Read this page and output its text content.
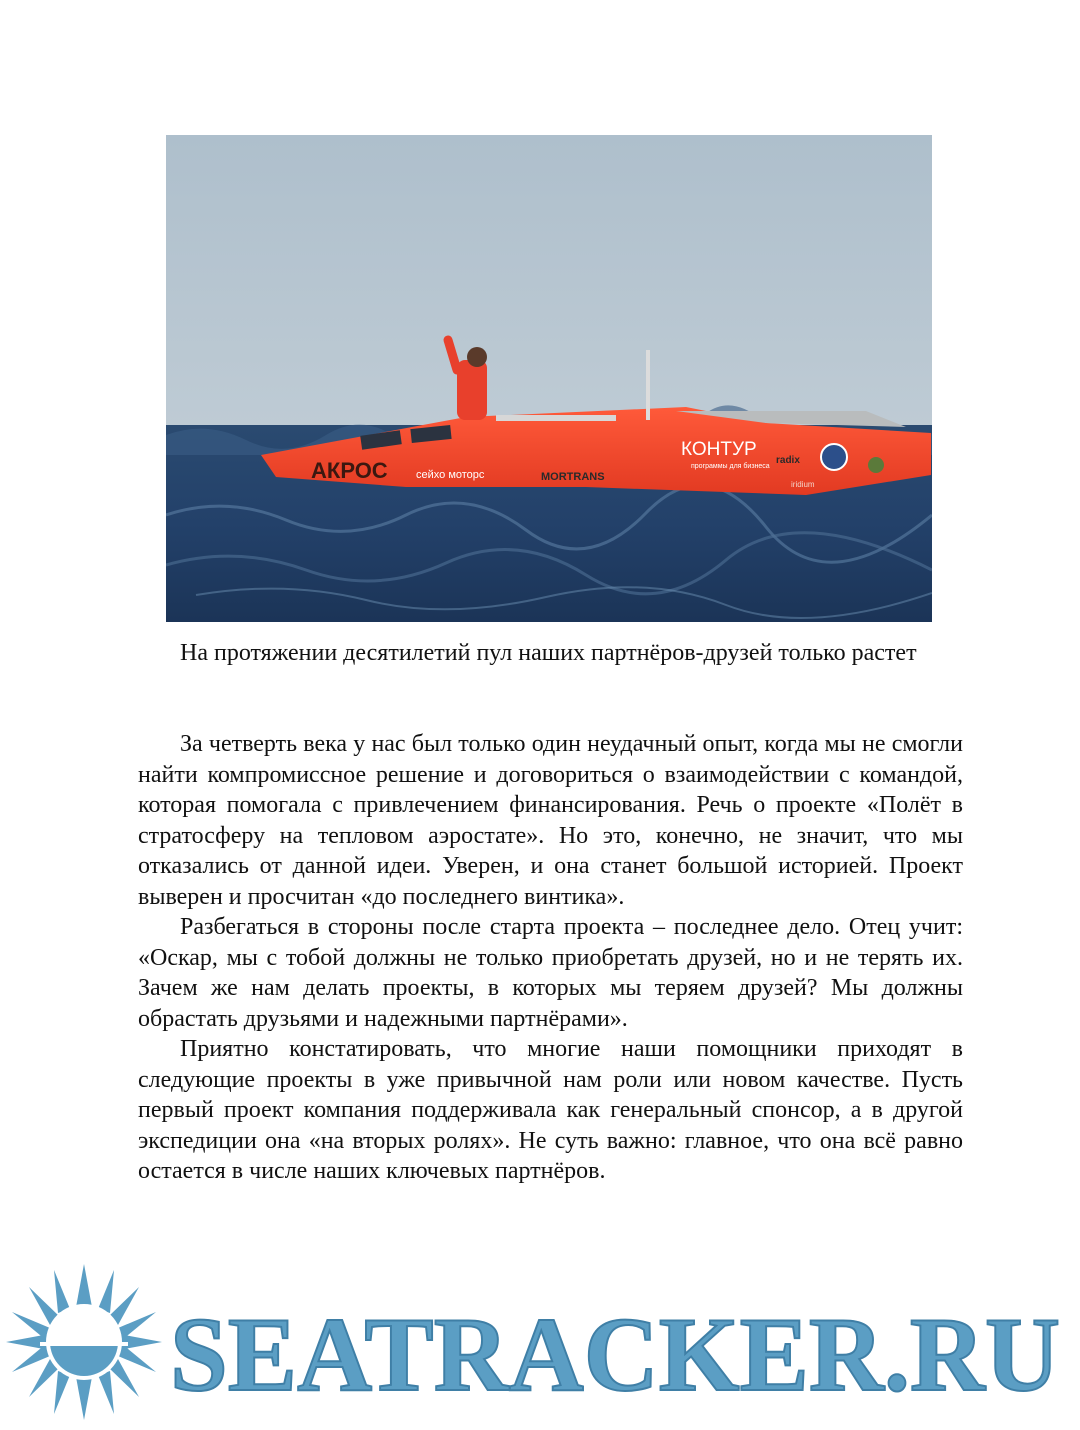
АКРОС	сейхо моторс	MORTRANS
КОНТУР
программы для бизнеса
radix
iridium

На протяжении десятилетий пул наших партнёров-друзей только растет

За четверть века у нас был только один неудачный опыт, когда мы не смогли найти компромиссное решение и договориться о взаимодействии с командой, которая помогала с привлечением финансирования. Речь о проекте «Полёт в стратосферу на тепловом аэростате». Но это, конечно, не значит, что мы отказались от данной идеи. Уверен, и она станет большой историей. Проект выверен и просчитан «до последнего винтика».

Разбегаться в стороны после старта проекта – последнее дело. Отец учит: «Оскар, мы с тобой должны не только приобретать друзей, но и не терять их. Зачем же нам делать проекты, в которых мы теряем друзей? Мы должны обрастать друзьями и надежными партнёрами».

Приятно констатировать, что многие наши помощники приходят в следующие проекты в уже привычной нам роли или новом качестве. Пусть первый проект компания поддерживала как генеральный спонсор, а в другой экспедиции она «на вторых ролях». Не суть важно: главное, что она всё равно остается в числе наших ключевых партнёров.

SEATRACKER.RU
